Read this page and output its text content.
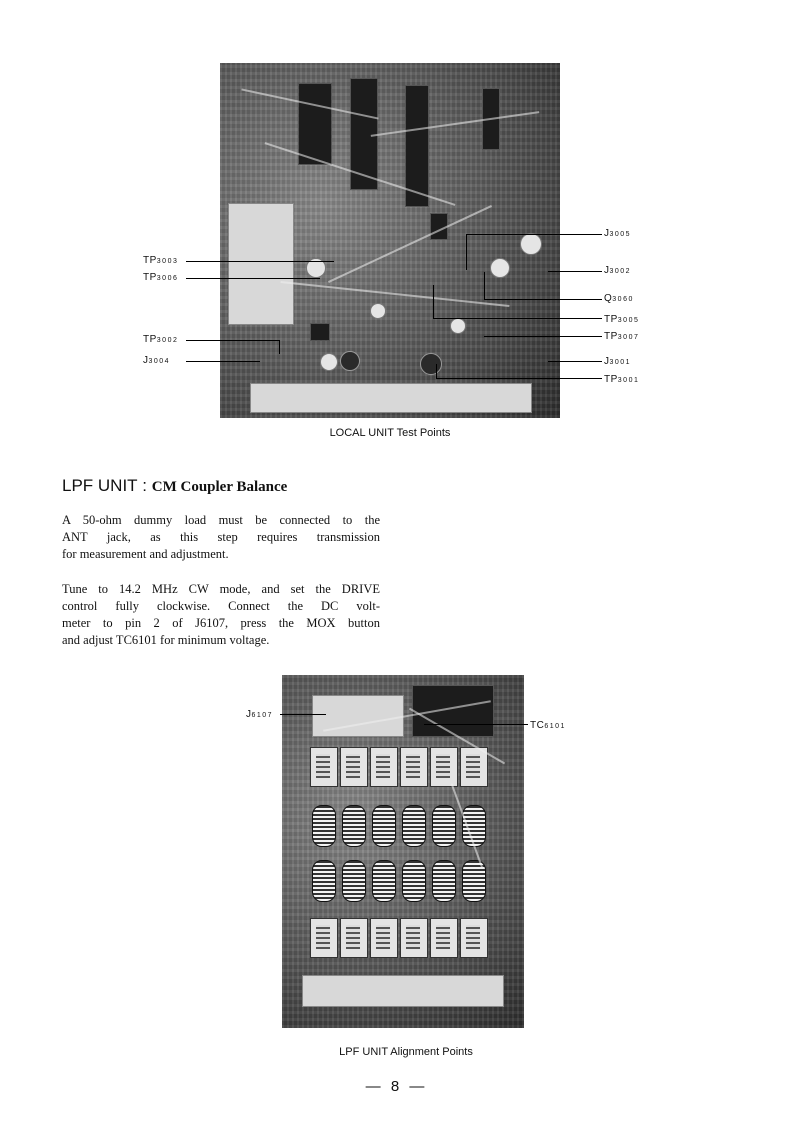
TP3003
TP3006
TP3002
J3004
J3005
J3002
Q3060
TP3005
TP3007
J3001
TP3001
LOCAL UNIT Test Points
LPF UNIT : CM Coupler Balance
A 50-ohm dummy load must be connected to the
ANT jack, as this step requires transmission
for measurement and adjustment.
Tune to 14.2 MHz CW mode, and set the DRIVE
control fully clockwise. Connect the DC volt-
meter to pin 2 of J6107, press the MOX button
and adjust TC6101 for minimum voltage.
J6107
TC6101
LPF UNIT Alignment Points
— 8 —
